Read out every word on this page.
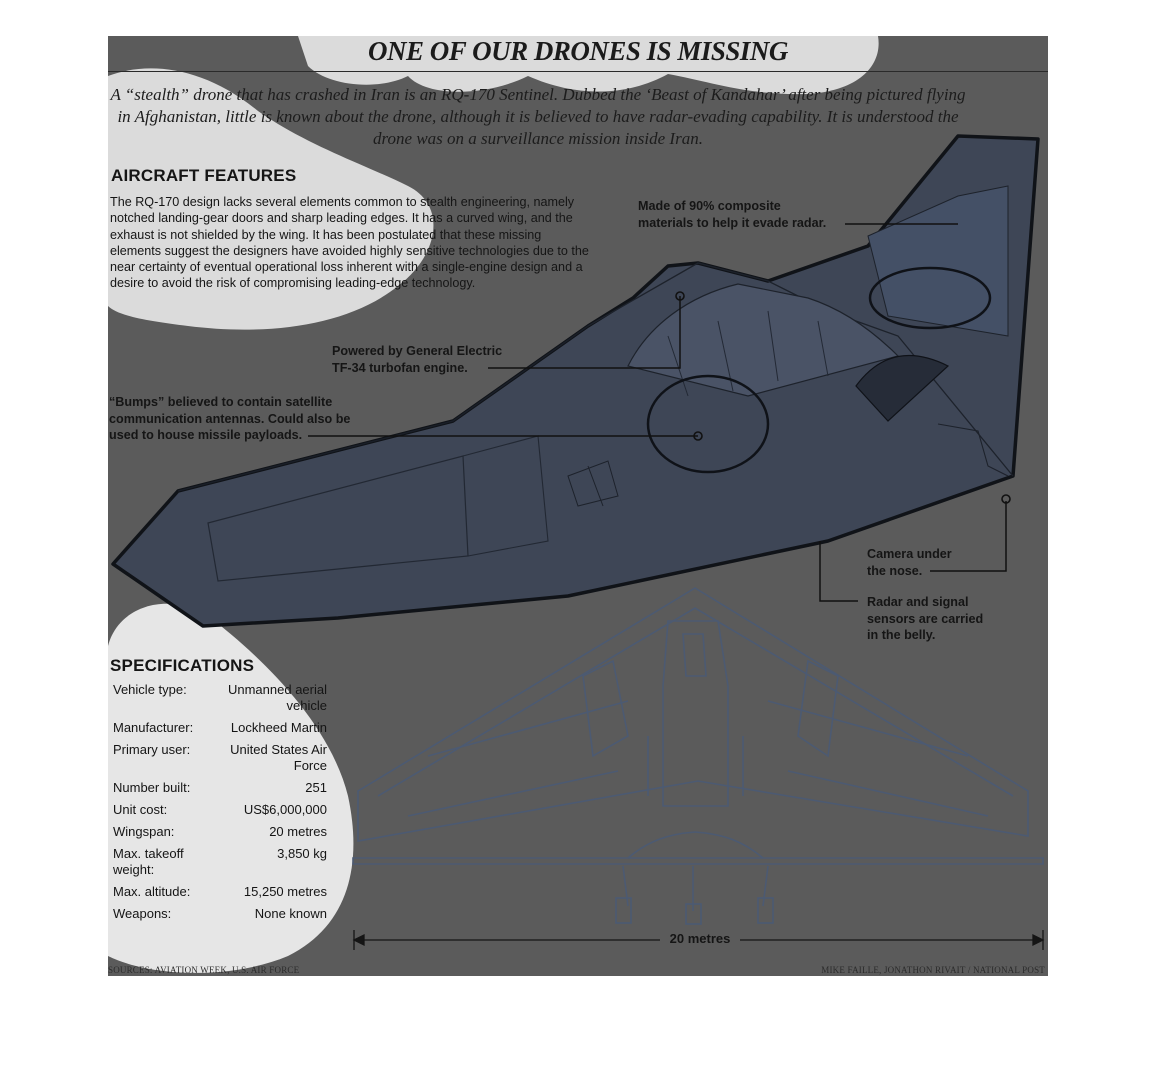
ONE OF OUR DRONES IS MISSING
A “stealth” drone that has crashed in Iran is an RQ-170 Sentinel. Dubbed the ‘Beast of Kandahar’ after being pictured flying in Afghanistan, little is known about the drone, although it is believed to have radar-evading capability. It is understood the drone was on a surveillance mission inside Iran.
AIRCRAFT FEATURES
The RQ-170 design lacks several elements common to stealth engineering, namely notched landing-gear doors and sharp leading edges. It has a curved wing, and the exhaust is not shielded by the wing. It has been postulated that these missing elements suggest the designers have avoided highly sensitive technologies due to the near certainty of eventual operational loss inherent with a single-engine design and a desire to avoid the risk of compromising leading-edge technology.
Made of 90% composite
materials to help it evade radar.
Powered by General Electric
TF-34 turbofan engine.
“Bumps” believed to contain satellite
communication antennas. Could also be
used to house missile payloads.
Camera under
the nose.
Radar and signal
sensors are carried
in the belly.
SPECIFICATIONS
Vehicle type:	Unmanned aerial vehicle
Manufacturer:	Lockheed Martin
Primary user:	United States Air Force
Number built:	251
Unit cost:	US$6,000,000
Wingspan:	20 metres
Max. takeoff weight:	3,850 kg
Max. altitude:	15,250 metres
Weapons:	None known
20 metres
SOURCES: AVIATION WEEK, U.S. AIR FORCE	MIKE FAILLE, JONATHON RIVAIT / NATIONAL POST
